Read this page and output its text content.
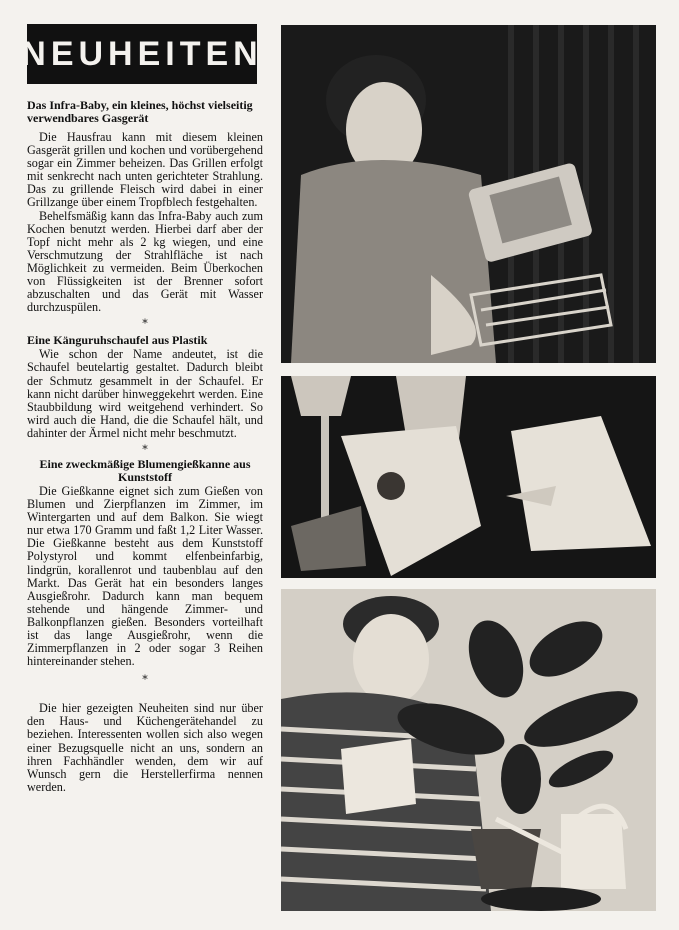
NEUHEITEN
Das Infra-Baby, ein kleines, höchst vielseitig verwendbares Gasgerät

Die Hausfrau kann mit diesem kleinen Gasgerät grillen und kochen und vorübergehend sogar ein Zimmer beheizen. Das Grillen erfolgt mit senkrecht nach unten gerichteter Strahlung. Das zu grillende Fleisch wird dabei in einer Grillzange über einem Tropfblech festgehalten.

Behelfsmäßig kann das Infra-Baby auch zum Kochen benutzt werden. Hierbei darf aber der Topf nicht mehr als 2 kg wiegen, und eine Verschmutzung der Strahlfläche ist nach Möglichkeit zu vermeiden. Beim Überkochen von Flüssigkeiten ist der Brenner sofort abzuschalten und das Gerät mit Wasser durchzuspülen.

*
Eine Känguruhschaufel aus Plastik

Wie schon der Name andeutet, ist die Schaufel beutelartig gestaltet. Dadurch bleibt der Schmutz gesammelt in der Schaufel. Er kann nicht darüber hinweggekehrt werden. Eine Staubbildung wird weitgehend verhindert. So wird auch die Hand, die die Schaufel hält, und dahinter der Ärmel nicht mehr beschmutzt.

*
Eine zweckmäßige Blumengießkanne aus Kunststoff

Die Gießkanne eignet sich zum Gießen von Blumen und Zierpflanzen im Zimmer, im Wintergarten und auf dem Balkon. Sie wiegt nur etwa 170 Gramm und faßt 1,2 Liter Wasser. Die Gießkanne besteht aus dem Kunststoff Polystyrol und kommt elfenbeinfarbig, lindgrün, korallenrot und taubenblau auf den Markt. Das Gerät hat ein besonders langes Ausgießrohr. Dadurch kann man bequem stehende und hängende Zimmer- und Balkonpflanzen gießen. Besonders vorteilhaft ist das lange Ausgießrohr, wenn die Zimmerpflanzen in 2 oder sogar 3 Reihen hintereinander stehen.

*

Die hier gezeigten Neuheiten sind nur über den Haus- und Küchengerätehandel zu beziehen. Interessenten wollen sich also wegen einer Bezugsquelle nicht an uns, sondern an ihren Fachhändler wenden, dem wir auf Wunsch gern die Herstellerfirma nennen werden.
